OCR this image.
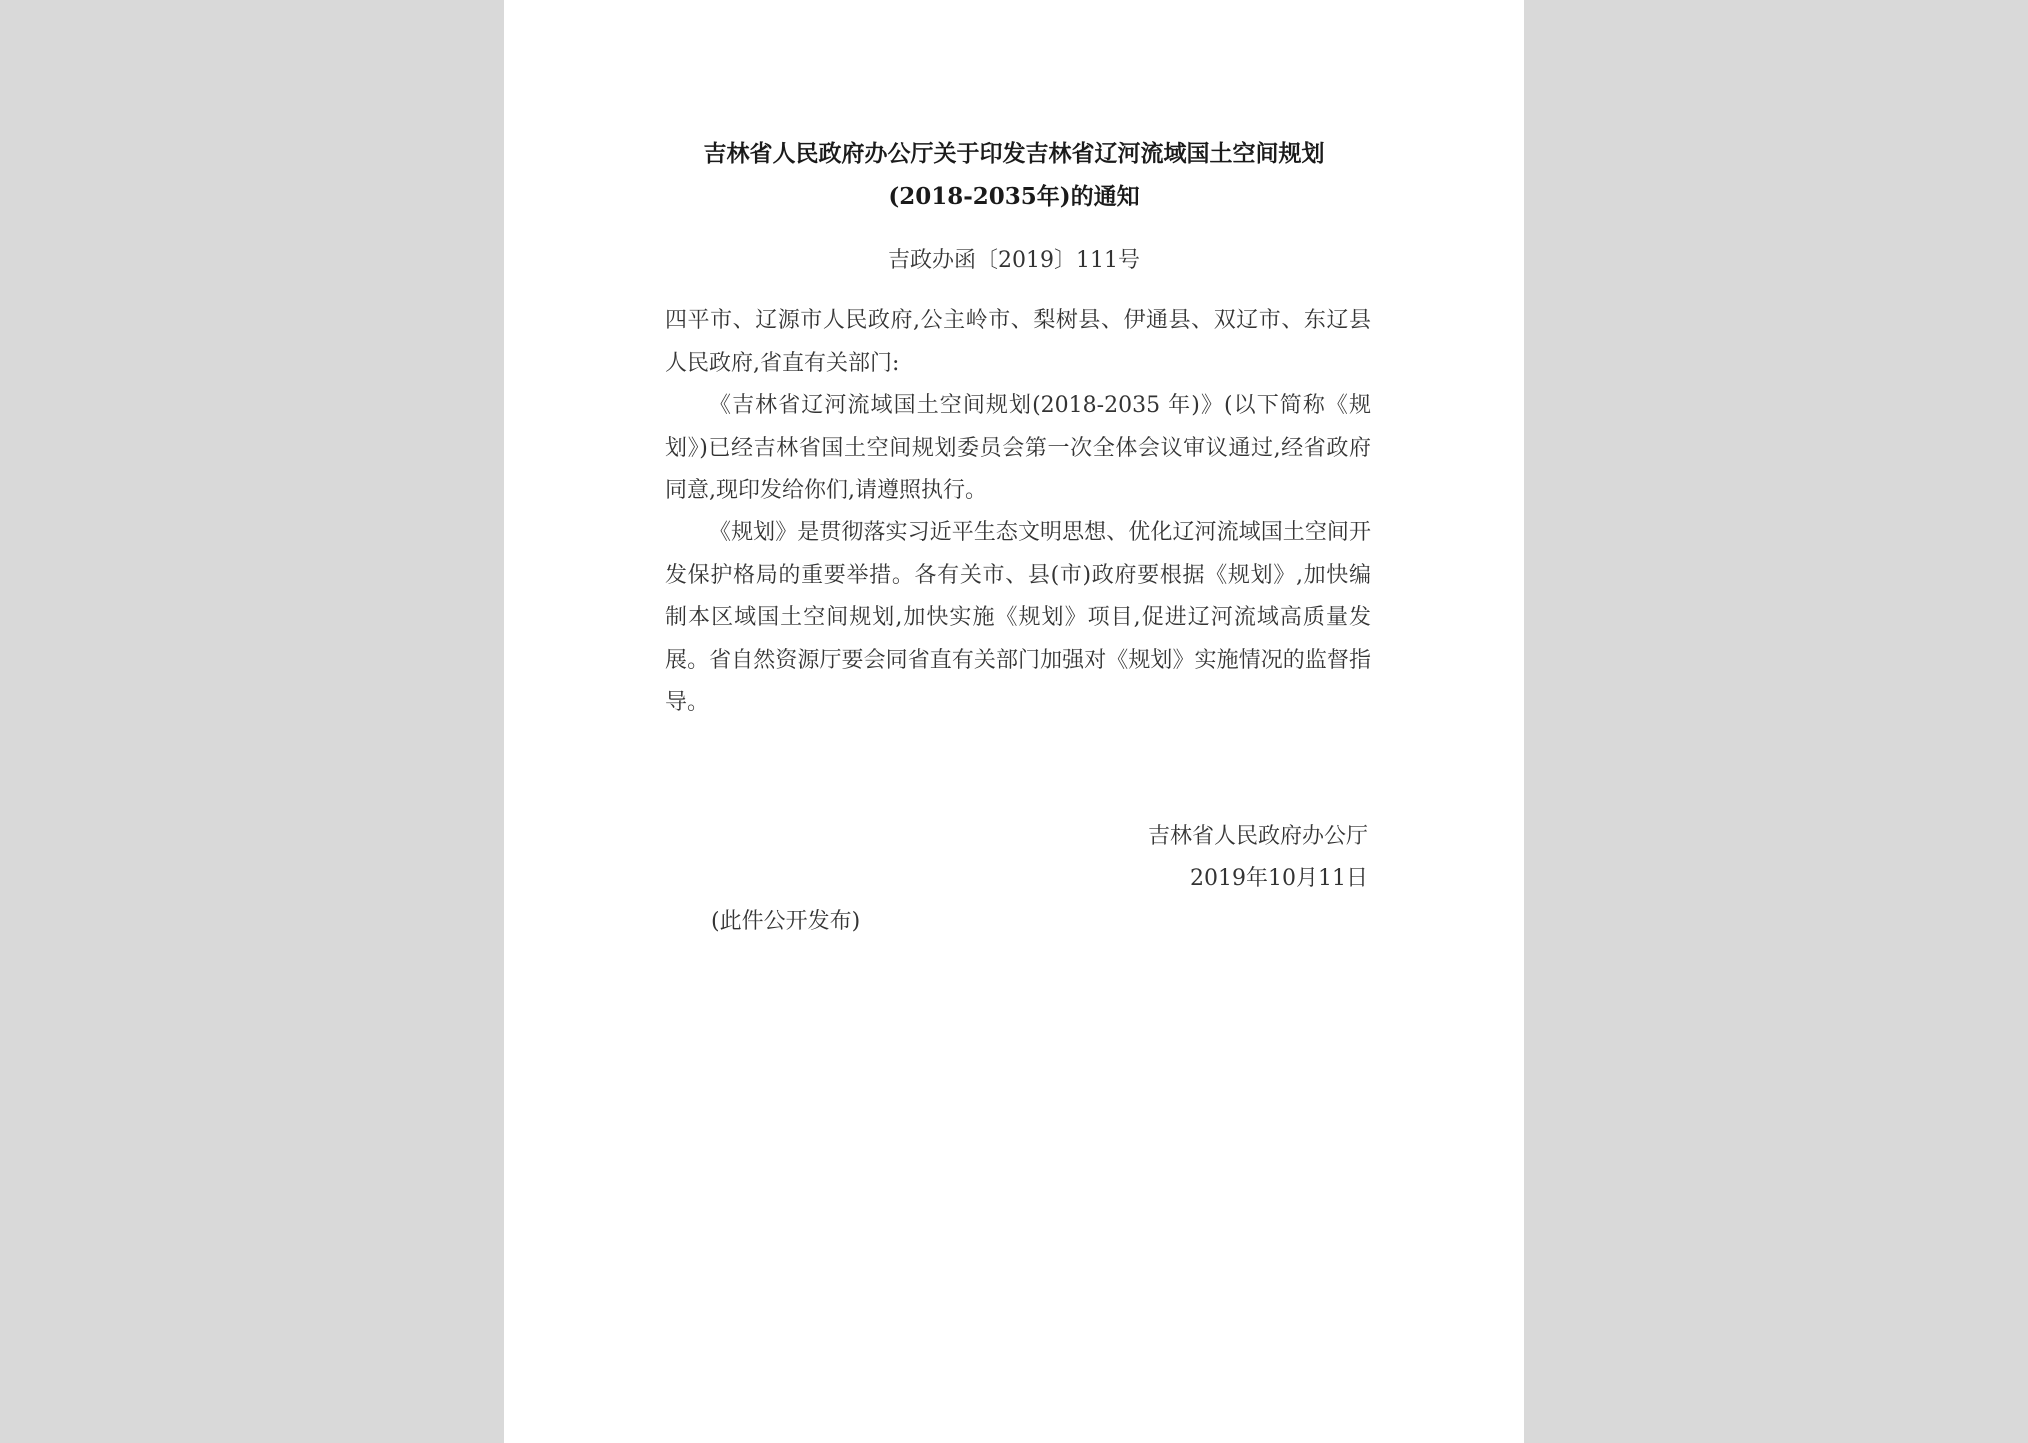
吉林省人民政府办公厅关于印发吉林省辽河流域国土空间规划
(2018-2035年)的通知
吉政办函〔2019〕111号

四平市、辽源市人民政府,公主岭市、梨树县、伊通县、双辽市、东辽县人民政府,省直有关部门:

《吉林省辽河流域国土空间规划(2018-2035 年)》(以下简称《规划》)已经吉林省国土空间规划委员会第一次全体会议审议通过,经省政府同意,现印发给你们,请遵照执行。

《规划》是贯彻落实习近平生态文明思想、优化辽河流域国土空间开发保护格局的重要举措。各有关市、县(市)政府要根据《规划》,加快编制本区域国土空间规划,加快实施《规划》项目,促进辽河流域高质量发展。省自然资源厅要会同省直有关部门加强对《规划》实施情况的监督指导。

吉林省人民政府办公厅
2019年10月11日
(此件公开发布)
